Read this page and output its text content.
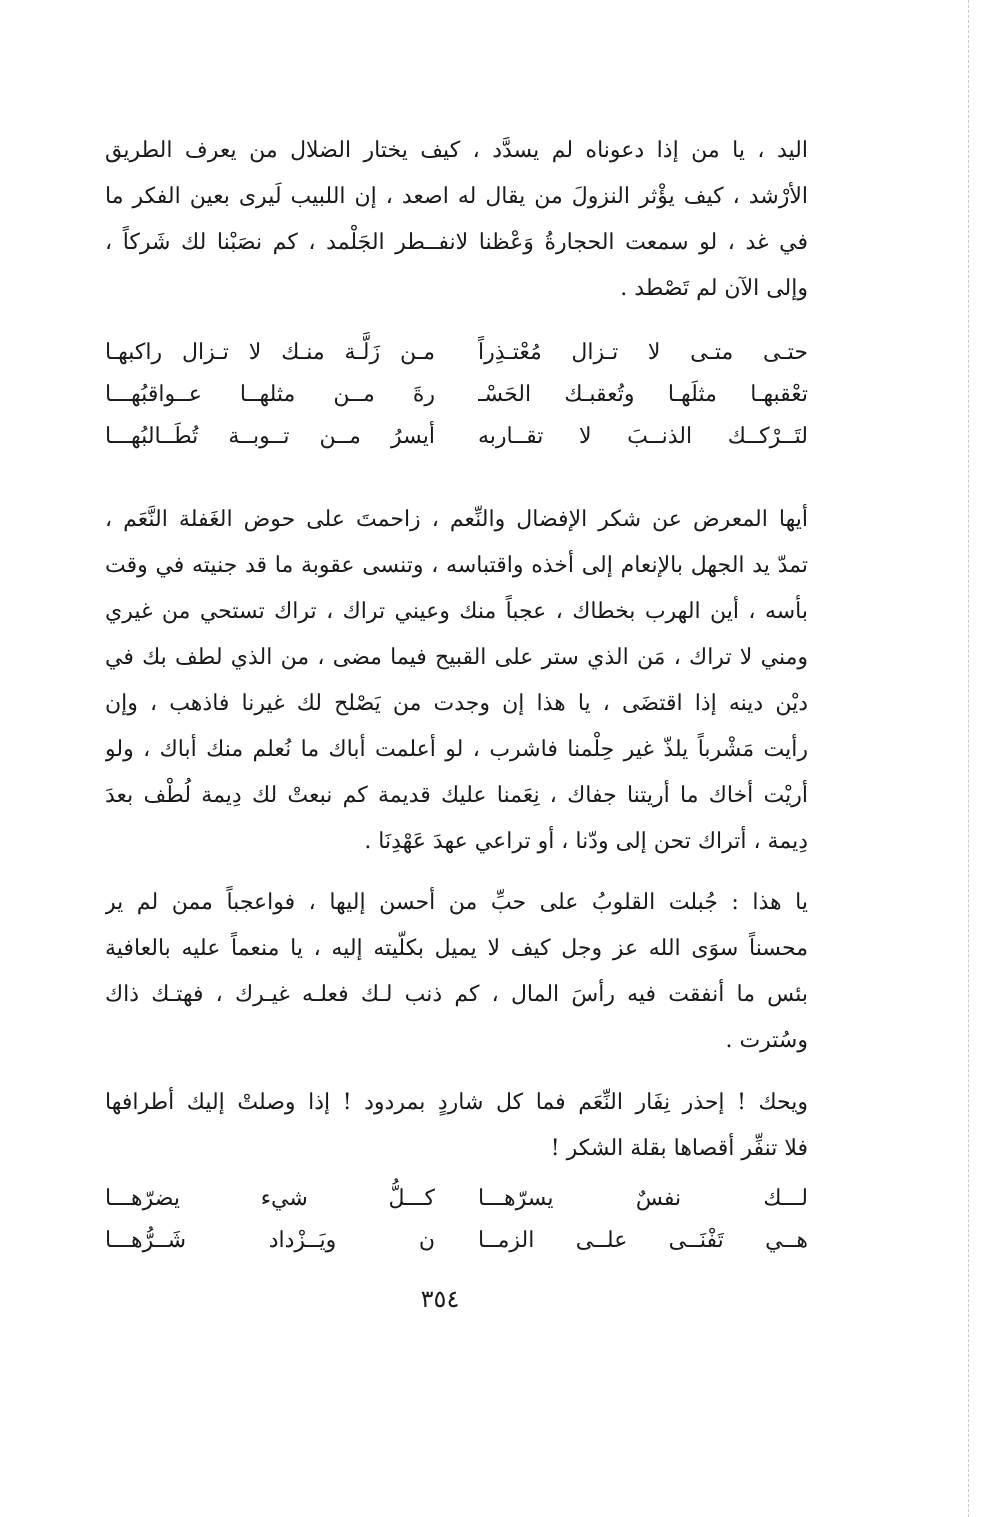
اليد ، يا من إذا دعوناه لم يسدَّد ، كيف يختار الضلال من يعرف الطريق
الأرْشد ، كيف يؤْثر النزولَ من يقال له اصعد ، إن اللبيب لَيرى بعين الفكر ما
في غد ، لو سمعت الحجارةُ وَعْظنا لانفــطر الجَلْمد ، كم نصَبْنا لك شَركاً ،
وإلى الآن لم تَصْطد .
حتـى متـى لا تـزال مُعْتـذِراً
مـن زَلَّـة منـك لا تـزال راكبهـا
تعْقبهـا مثلَهـا وتُعقبـك الحَسْـ
رةَ مــن مثلهــا عــواقبُهـــا
لتَــرْكــك الذنــبَ لا تقــاربه
أيسرُ مــن تــوبــة تُطَــالبُهـــا
أيها المعرض عن شكر الإفضال والنِّعم ، زاحمتَ على حوض الغَفلة النَّعَم ،
تمدّ يد الجهل بالإنعام إلى أخذه واقتباسه ، وتنسى عقوبة ما قد جنيته في وقت
بأسه ، أين الهرب بخطاك ، عجباً منك وعيني تراك ، تراك تستحي من غيري
ومني لا تراك ، مَن الذي ستر على القبيح فيما مضى ، من الذي لطف بك في
ديْن دينه إذا اقتضَى ، يا هذا إن وجدت من يَصْلح لك غيرنا فاذهب ، وإن
رأيت مَشْرباً يلذّ غير حِلْمنا فاشرب ، لو أعلمت أباك ما نُعلم منك أباك ، ولو
أريْت أخاك ما أريتنا جفاك ، نِعَمنا عليك قديمة كم نبعتْ لك دِيمة لُطْف بعدَ
دِيمة ، أتراك تحن إلى ودّنا ، أو تراعي عهدَ عَهْدِنَا .
يا هذا : جُبلت القلوبُ على حبِّ من أحسن إليها ، فواعجباً ممن لم ير
محسناً سوَى الله عز وجل كيف لا يميل بكلّيته إليه ، يا منعماً عليه بالعافية
بئس ما أنفقت فيه رأسَ المال ، كم ذنب لـك فعلـه غيـرك ، فهتـك ذاك
وسُترت .
ويحك ! إحذر نِفَار النِّعَم فما كل شاردٍ بمردود ! إذا وصلتْ إليك أطرافها
فلا تنفِّر أقصاها بقلة الشكر !
لـــك نفسٌ يسرّهـــا
كـــلُّ شيء يضرّهـــا
هــي تَفْنَــى علــى الزمــا
ن ويَــزْداد شَــرُّهـــا
٣٥٤
